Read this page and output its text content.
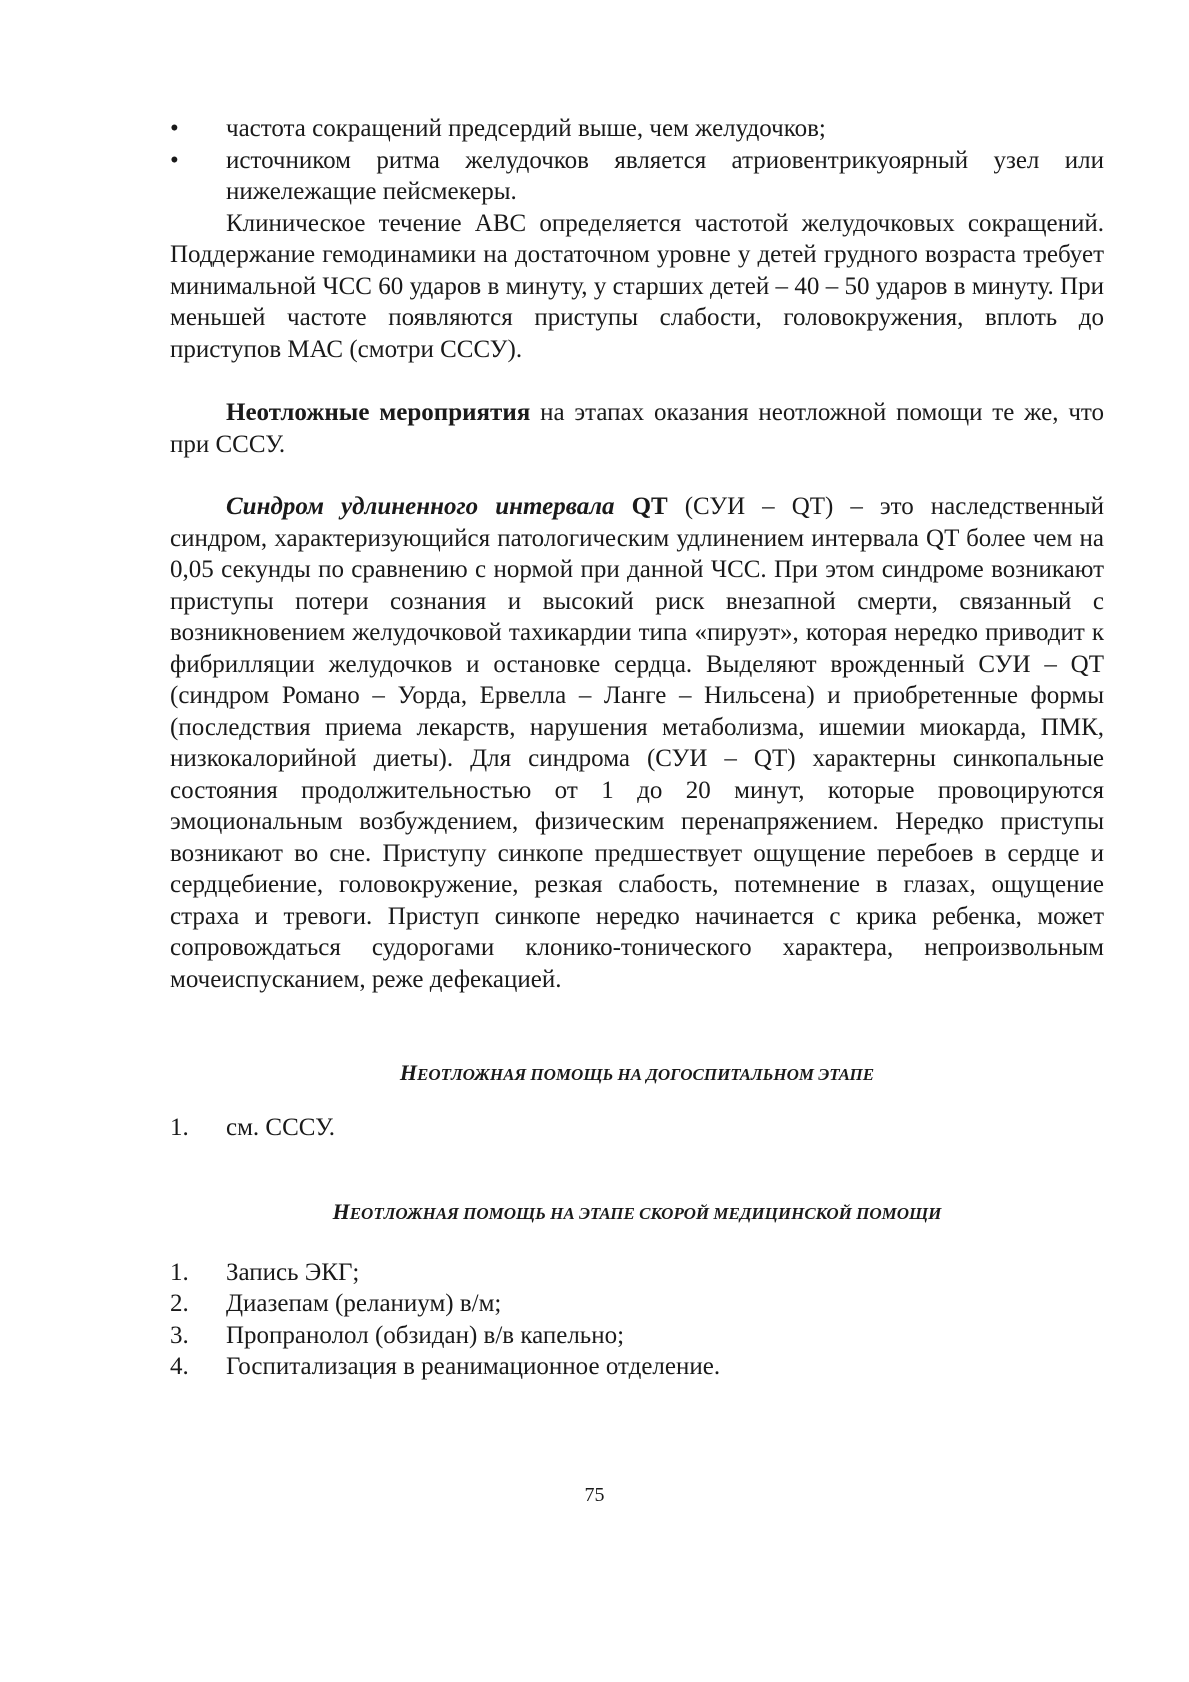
•	частота сокращений предсердий выше, чем желудочков;
•	источником ритма желудочков является атриовентрикуоярный узел или нижележащие пейсмекеры.

Клиническое течение АВС определяется частотой желудочковых сокращений. Поддержание гемодинамики на достаточном уровне у детей грудного возраста требует минимальной ЧСС 60 ударов в минуту, у старших детей – 40 – 50 ударов в минуту. При меньшей частоте появляются приступы слабости, головокружения, вплоть до приступов МАС (смотри СССУ).

Неотложные мероприятия на этапах оказания неотложной помощи те же, что при СССУ.

Синдром удлиненного интервала QT (СУИ – QT) – это наследственный синдром, характеризующийся патологическим удлинением интервала QT более чем на 0,05 секунды по сравнению с нормой при данной ЧСС. При этом синдроме возникают приступы потери сознания и высокий риск внезапной смерти, связанный с возникновением желудочковой тахикардии типа «пируэт», которая нередко приводит к фибрилляции желудочков и остановке сердца. Выделяют врожденный СУИ – QT (синдром Романо – Уорда, Ервелла – Ланге – Нильсена) и приобретенные формы (последствия приема лекарств, нарушения метаболизма, ишемии миокарда, ПМК, низкокалорийной диеты). Для синдрома (СУИ – QT) характерны синкопальные состояния продолжительностью от 1 до 20 минут, которые провоцируются эмоциональным возбуждением, физическим перенапряжением. Нередко приступы возникают во сне. Приступу синкопе предшествует ощущение перебоев в сердце и сердцебиение, головокружение, резкая слабость, потемнение в глазах, ощущение страха и тревоги. Приступ синкопе нередко начинается с крика ребенка, может сопровождаться судорогами клонико-тонического характера, непроизвольным мочеиспусканием, реже дефекацией.

НЕОТЛОЖНАЯ ПОМОЩЬ НА ДОГОСПИТАЛЬНОМ ЭТАПЕ
1. см. СССУ.
НЕОТЛОЖНАЯ ПОМОЩЬ НА ЭТАПЕ СКОРОЙ МЕДИЦИНСКОЙ ПОМОЩИ
1. Запись ЭКГ;
2. Диазепам (реланиум) в/м;
3. Пропранолол (обзидан) в/в капельно;
4. Госпитализация в реанимационное отделение.
75
